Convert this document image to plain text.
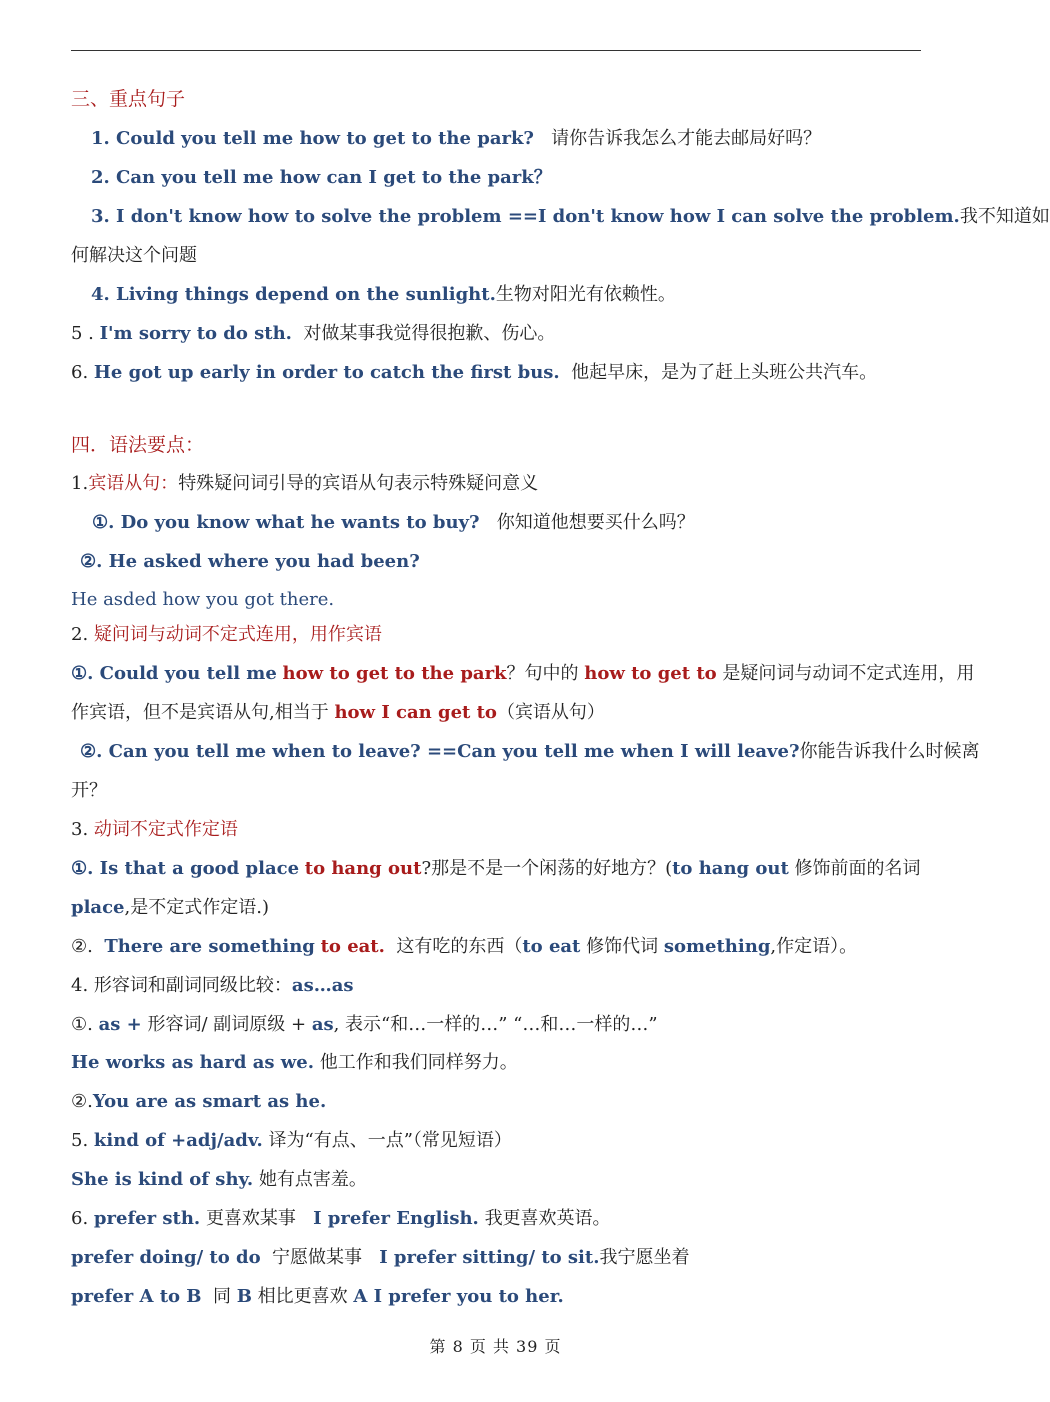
三、重点句子
1. Could you tell me how to get to the park? 请你告诉我怎么才能去邮局好吗？
2. Can you tell me how can I get to the park？
3. I don't know how to solve the problem ==I don't know how I can solve the problem.我不知道如
何解决这个问题
4. Living things depend on the sunlight.生物对阳光有依赖性。
5 . I'm sorry to do sth. 对做某事我觉得很抱歉、伤心。
6. He got up early in order to catch the first bus. 他起早床，是为了赶上头班公共汽车。
四．语法要点：
1.宾语从句：特殊疑问词引导的宾语从句表示特殊疑问意义
①. Do you know what he wants to buy? 你知道他想要买什么吗？
②. He asked where you had been?
He asded how you got there.
2. 疑问词与动词不定式连用，用作宾语
①. Could you tell me how to get to the park？句中的 how to get to 是疑问词与动词不定式连用，用
作宾语，但不是宾语从句,相当于 how I can get to（宾语从句）
②. Can you tell me when to leave? ==Can you tell me when I will leave?你能告诉我什么时候离
开？
3. 动词不定式作定语
①. Is that a good place to hang out?那是不是一个闲荡的好地方？(to hang out 修饰前面的名词
place,是不定式作定语.)
②. There are something to eat. 这有吃的东西（to eat 修饰代词 something,作定语）。
4. 形容词和副词同级比较：as…as
①. as + 形容词/ 副词原级 + as, 表示“和…一样的…” “…和…一样的…”
He works as hard as we. 他工作和我们同样努力。
②.You are as smart as he.
5. kind of +adj/adv. 译为“有点、一点”（常见短语）
She is kind of shy. 她有点害羞。
6. prefer sth. 更喜欢某事 I prefer English. 我更喜欢英语。
prefer doing/ to do 宁愿做某事 I prefer sitting/ to sit.我宁愿坐着
prefer A to B 同 B 相比更喜欢 A I prefer you to her.
第 8 页 共 39 页
